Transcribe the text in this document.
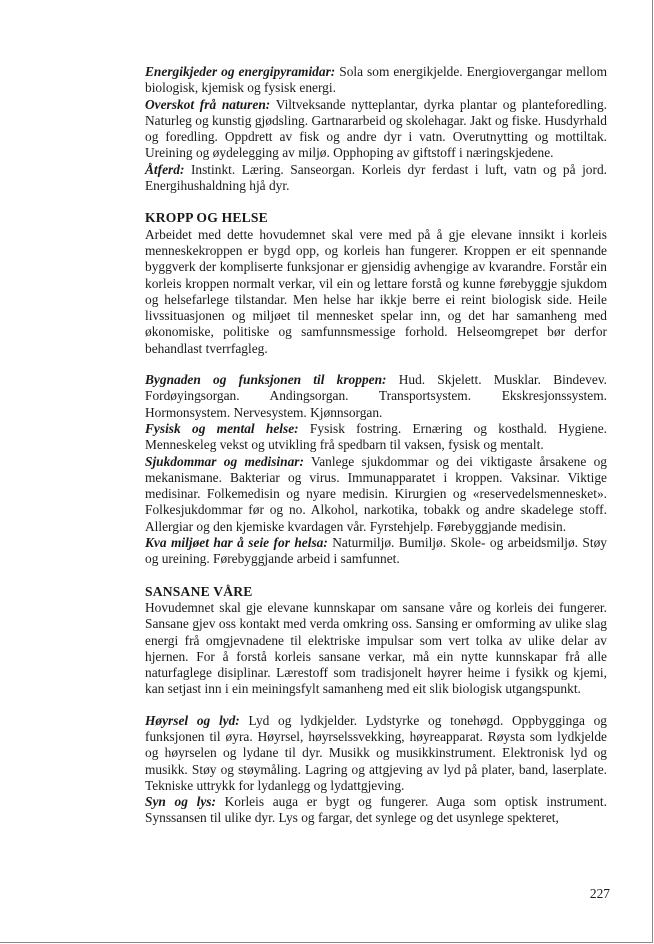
Energikjeder og energipyramidar: Sola som energikjelde. Energiovergangar mellom biologisk, kjemisk og fysisk energi.

Overskot frå naturen: Viltveksande nytteplantar, dyrka plantar og planteforedling. Naturleg og kunstig gjødsling. Gartnararbeid og skolehagar. Jakt og fiske. Husdyrhald og foredling. Oppdrett av fisk og andre dyr i vatn. Overutnytting og mottiltak. Ureining og øydelegging av miljø. Opphoping av giftstoff i næringskjedene.

Åtferd: Instinkt. Læring. Sanseorgan. Korleis dyr ferdast i luft, vatn og på jord. Energihushaldning hjå dyr.

KROPP OG HELSE

Arbeidet med dette hovudemnet skal vere med på å gje elevane innsikt i korleis menneskekroppen er bygd opp, og korleis han fungerer. Kroppen er eit spennande byggverk der kompliserte funksjonar er gjensidig avhengige av kvarandre. Forstår ein korleis kroppen normalt verkar, vil ein og lettare forstå og kunne førebyggje sjukdom og helsefarlege tilstandar. Men helse har ikkje berre ei reint biologisk side. Heile livssituasjonen og miljøet til mennesket spelar inn, og det har samanheng med økonomiske, politiske og samfunnsmessige forhold. Helseomgrepet bør derfor behandlast tverrfagleg.

Bygnaden og funksjonen til kroppen: Hud. Skjelett. Musklar. Bindevev. Fordøyingsorgan. Andingsorgan. Transportsystem. Ekskresjonssystem. Hormonsystem. Nervesystem. Kjønnsorgan.

Fysisk og mental helse: Fysisk fostring. Ernæring og kosthald. Hygiene. Menneskeleg vekst og utvikling frå spedbarn til vaksen, fysisk og mentalt.

Sjukdommar og medisinar: Vanlege sjukdommar og dei viktigaste årsakene og mekanismane. Bakteriar og virus. Immunapparatet i kroppen. Vaksinar. Viktige medisinar. Folkemedisin og nyare medisin. Kirurgien og «reservedelsmennesket». Folkesjukdommar før og no. Alkohol, narkotika, tobakk og andre skadelege stoff. Allergiar og den kjemiske kvardagen vår. Fyrstehjelp. Førebyggjande medisin.

Kva miljøet har å seie for helsa: Naturmiljø. Bumiljø. Skole- og arbeidsmiljø. Støy og ureining. Førebyggjande arbeid i samfunnet.

SANSANE VÅRE

Hovudemnet skal gje elevane kunnskapar om sansane våre og korleis dei fungerer. Sansane gjev oss kontakt med verda omkring oss. Sansing er omforming av ulike slag energi frå omgjevnadene til elektriske impulsar som vert tolka av ulike delar av hjernen. For å forstå korleis sansane verkar, må ein nytte kunnskapar frå alle naturfaglege disiplinar. Lærestoff som tradisjonelt høyrer heime i fysikk og kjemi, kan setjast inn i ein meiningsfylt samanheng med eit slik biologisk utgangspunkt.

Høyrsel og lyd: Lyd og lydkjelder. Lydstyrke og tonehøgd. Oppbygginga og funksjonen til øyra. Høyrsel, høyrselssvekking, høyreapparat. Røysta som lydkjelde og høyrselen og lydane til dyr. Musikk og musikkinstrument. Elektronisk lyd og musikk. Støy og støymåling. Lagring og attgjeving av lyd på plater, band, laserplate. Tekniske uttrykk for lydanlegg og lydattgjeving.

Syn og lys: Korleis auga er bygt og fungerer. Auga som optisk instrument. Synssansen til ulike dyr. Lys og fargar, det synlege og det usynlege spekteret,

227
